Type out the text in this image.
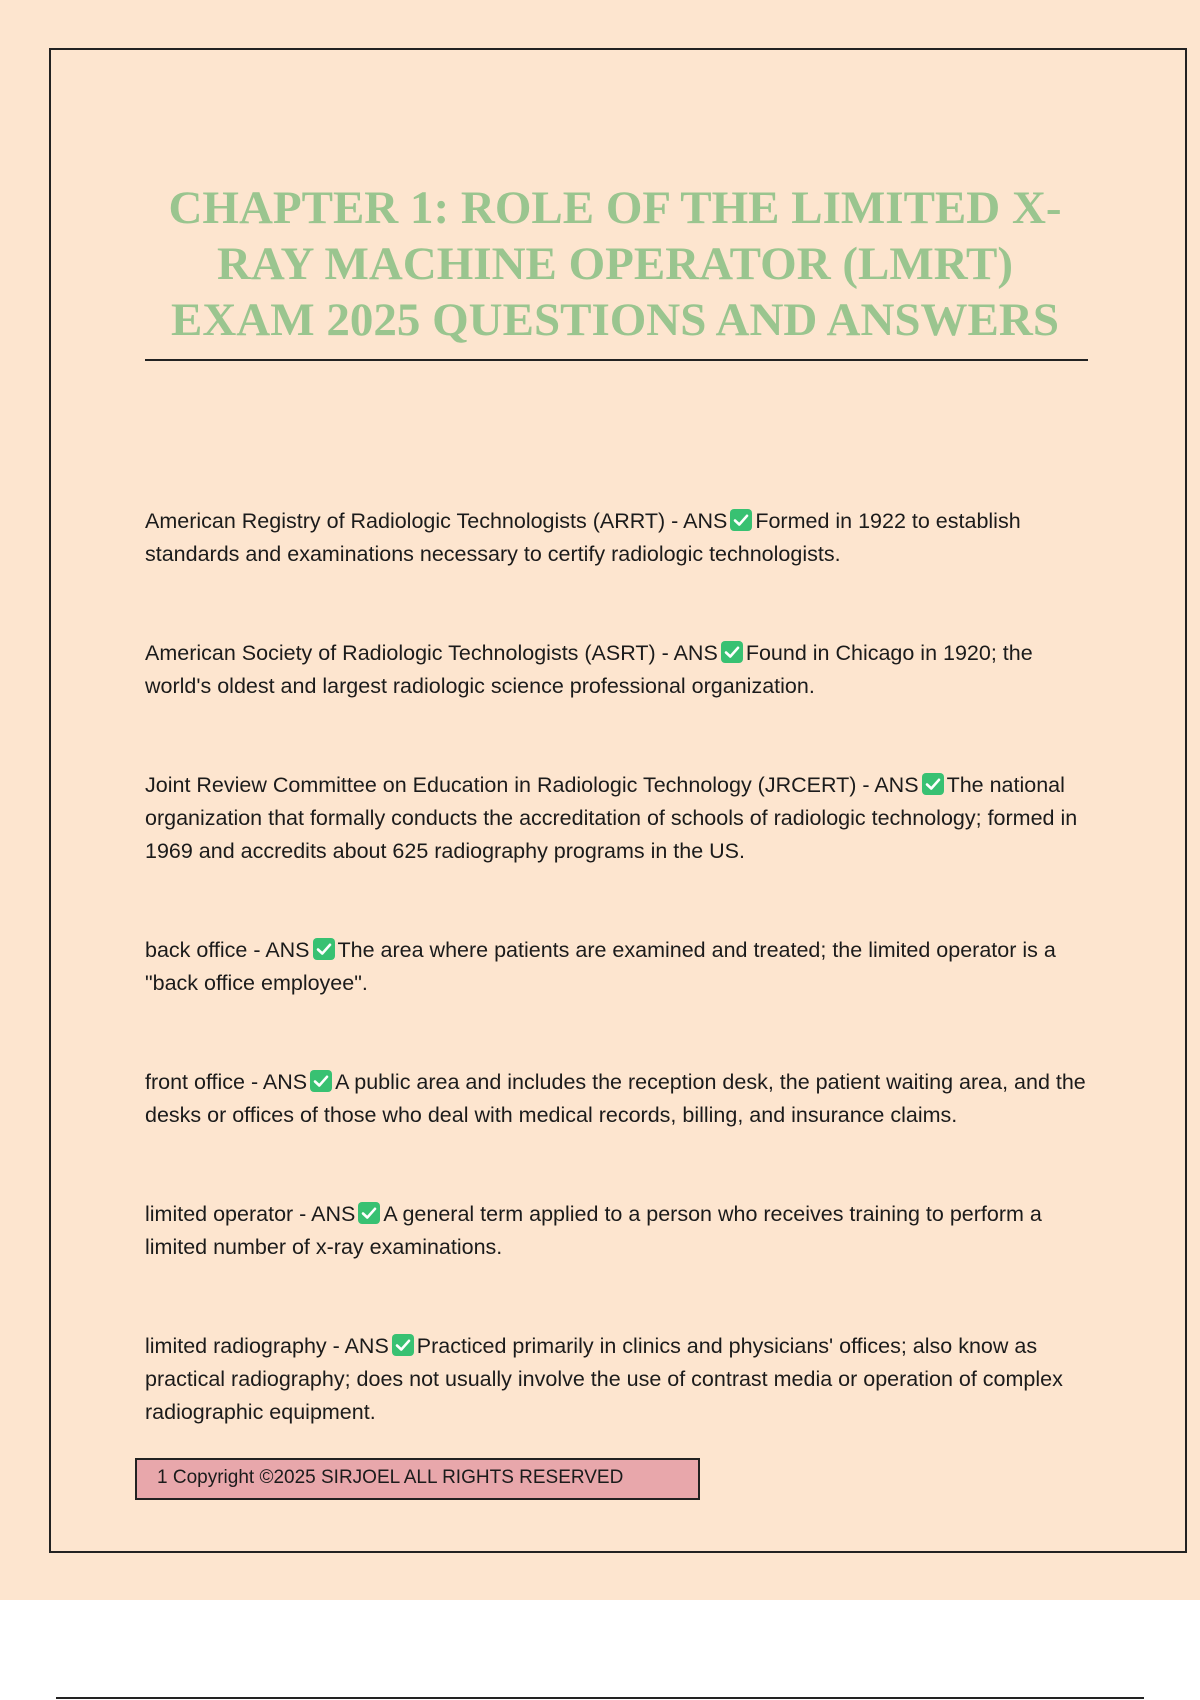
CHAPTER 1: ROLE OF THE LIMITED X-RAY MACHINE OPERATOR (LMRT) EXAM 2025 QUESTIONS AND ANSWERS

American Registry of Radiologic Technologists (ARRT) - ANS Formed in 1922 to establish standards and examinations necessary to certify radiologic technologists.

American Society of Radiologic Technologists (ASRT) - ANS Found in Chicago in 1920; the world's oldest and largest radiologic science professional organization.

Joint Review Committee on Education in Radiologic Technology (JRCERT) - ANS The national organization that formally conducts the accreditation of schools of radiologic technology; formed in 1969 and accredits about 625 radiography programs in the US.

back office - ANS The area where patients are examined and treated; the limited operator is a "back office employee".

front office - ANS A public area and includes the reception desk, the patient waiting area, and the desks or offices of those who deal with medical records, billing, and insurance claims.

limited operator - ANS A general term applied to a person who receives training to perform a limited number of x-ray examinations.

limited radiography - ANS Practiced primarily in clinics and physicians' offices; also know as practical radiography; does not usually involve the use of contrast media or operation of complex radiographic equipment.

1 Copyright ©2025 SIRJOEL ALL RIGHTS RESERVED
